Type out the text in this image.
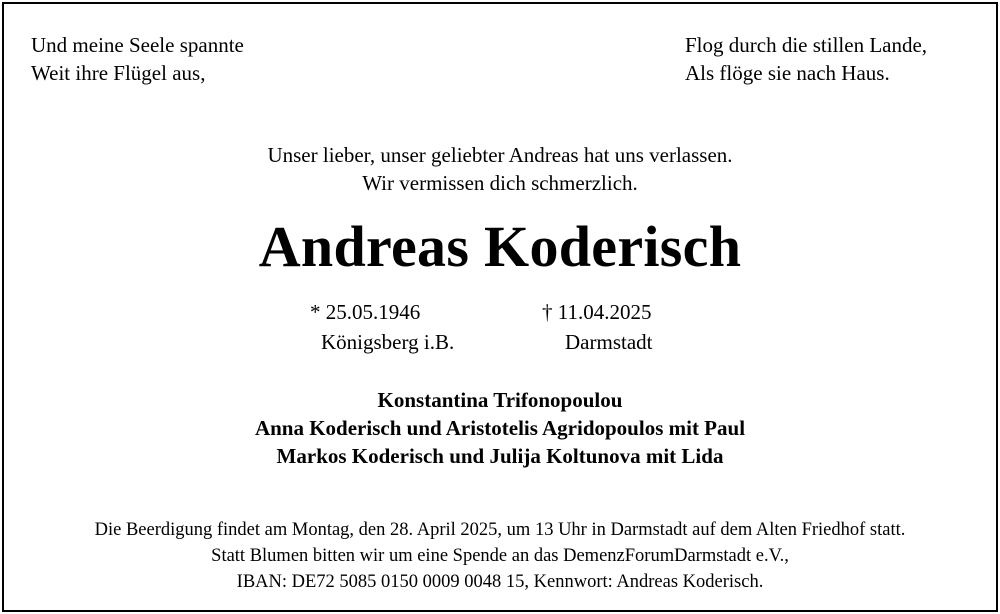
Und meine Seele spannte
Weit ihre Flügel aus,
Flog durch die stillen Lande,
Als flöge sie nach Haus.
Unser lieber, unser geliebter Andreas hat uns verlassen.
Wir vermissen dich schmerzlich.
Andreas Koderisch
* 25.05.1946
Königsberg i.B.
† 11.04.2025
Darmstadt
Konstantina Trifonopoulou
Anna Koderisch und Aristotelis Agridopoulos mit Paul
Markos Koderisch und Julija Koltunova mit Lida
Die Beerdigung findet am Montag, den 28. April 2025, um 13 Uhr in Darmstadt auf dem Alten Friedhof statt.
Statt Blumen bitten wir um eine Spende an das DemenzForumDarmstadt e.V.,
IBAN: DE72 5085 0150 0009 0048 15, Kennwort: Andreas Koderisch.
